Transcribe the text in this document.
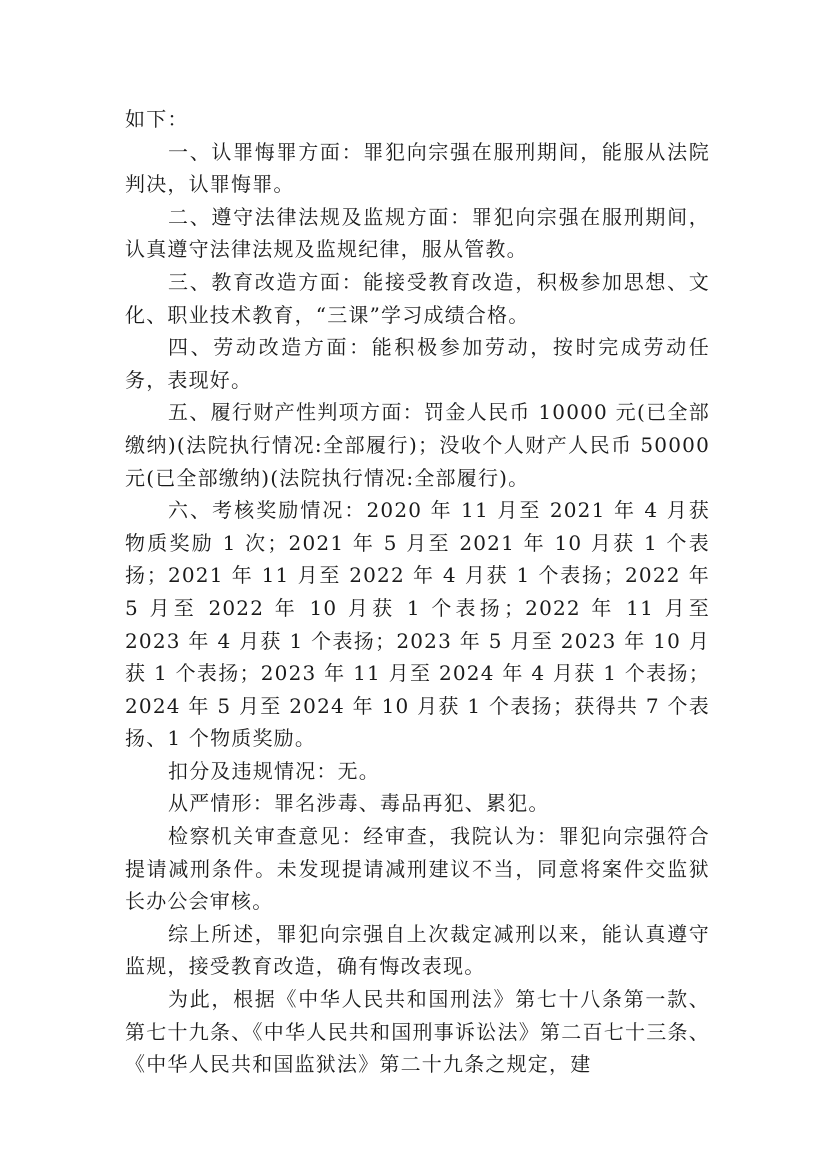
如下：

一、认罪悔罪方面：罪犯向宗强在服刑期间，能服从法院判决，认罪悔罪。

二、遵守法律法规及监规方面：罪犯向宗强在服刑期间，认真遵守法律法规及监规纪律，服从管教。

三、教育改造方面：能接受教育改造，积极参加思想、文化、职业技术教育，“三课”学习成绩合格。

四、劳动改造方面：能积极参加劳动，按时完成劳动任务，表现好。

五、履行财产性判项方面：罚金人民币 10000 元(已全部缴纳)(法院执行情况:全部履行)；没收个人财产人民币 50000 元(已全部缴纳)(法院执行情况:全部履行)。

六、考核奖励情况：2020 年 11 月至 2021 年 4 月获物质奖励 1 次；2021 年 5 月至 2021 年 10 月获 1 个表扬；2021 年 11 月至 2022 年 4 月获 1 个表扬；2022 年 5 月至 2022 年 10 月获 1 个表扬；2022 年 11 月至 2023 年 4 月获 1 个表扬；2023 年 5 月至 2023 年 10 月获 1 个表扬；2023 年 11 月至 2024 年 4 月获 1 个表扬；2024 年 5 月至 2024 年 10 月获 1 个表扬；获得共 7 个表扬、1 个物质奖励。

扣分及违规情况：无。

从严情形：罪名涉毒、毒品再犯、累犯。

检察机关审查意见：经审查，我院认为：罪犯向宗强符合提请减刑条件。未发现提请减刑建议不当，同意将案件交监狱长办公会审核。

综上所述，罪犯向宗强自上次裁定减刑以来，能认真遵守监规，接受教育改造，确有悔改表现。

为此，根据《中华人民共和国刑法》第七十八条第一款、第七十九条、《中华人民共和国刑事诉讼法》第二百七十三条、《中华人民共和国监狱法》第二十九条之规定，建
